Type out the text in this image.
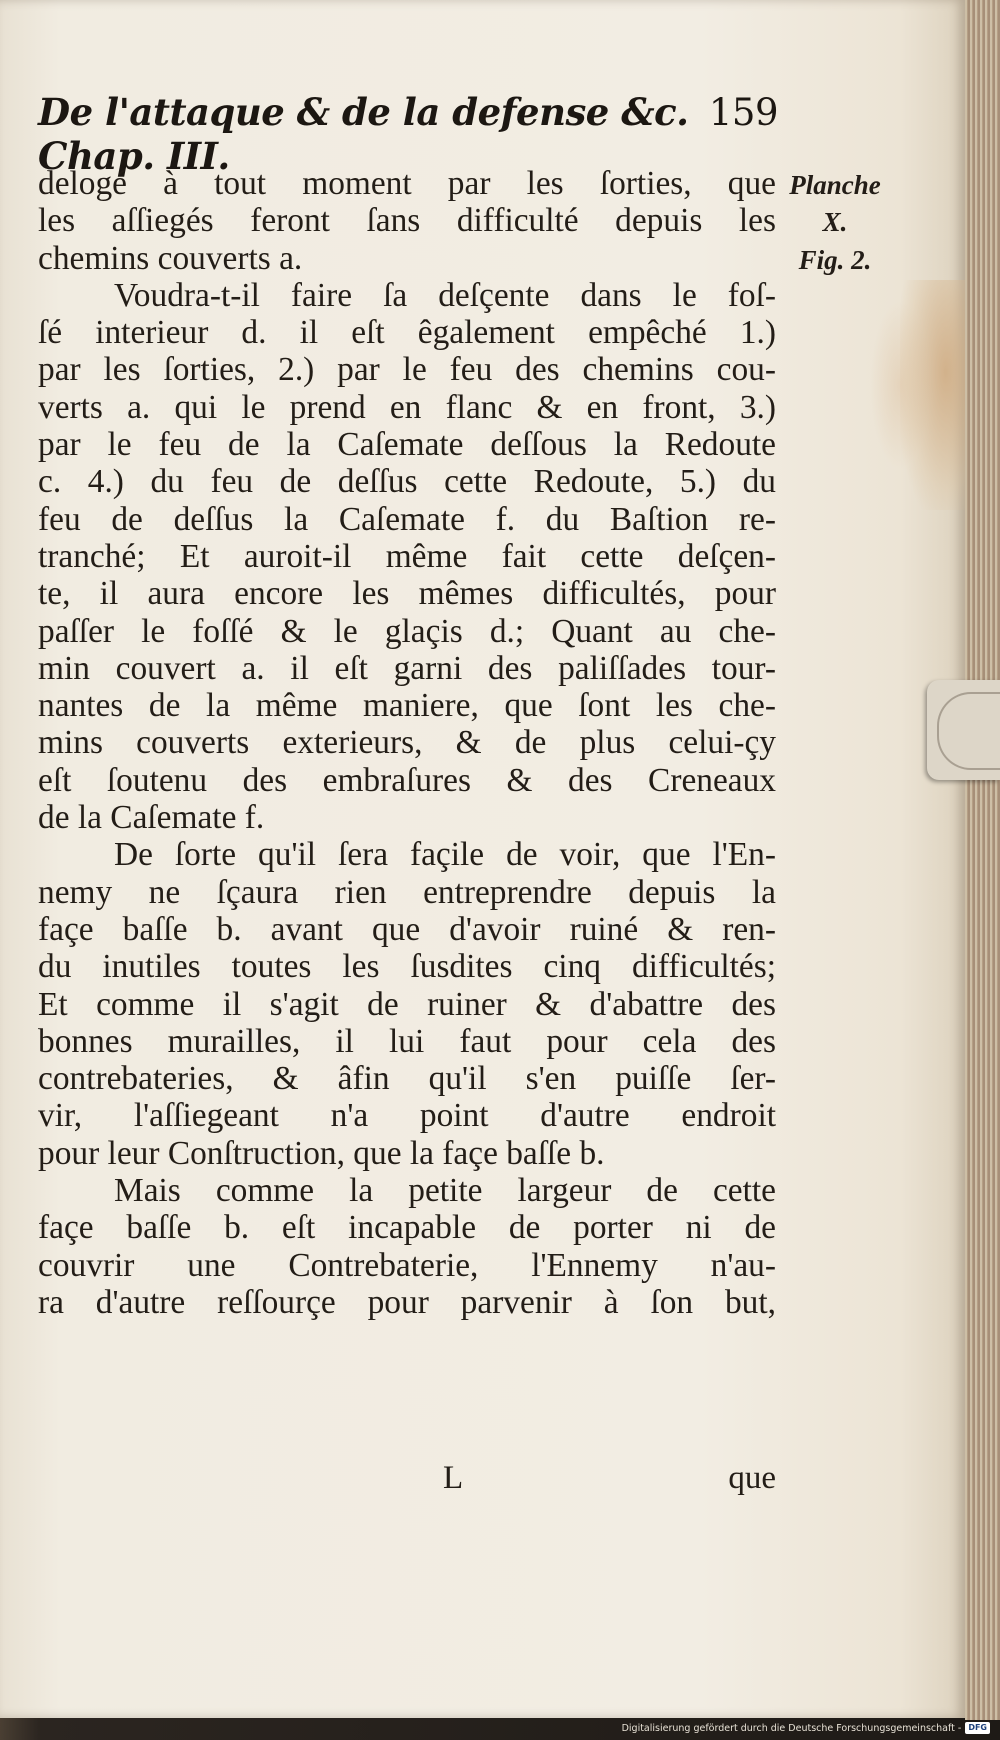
De l'attaque & de la defense &c. Chap. III.
159
Planche
X.
Fig. 2.
delogé à tout moment par les ſorties, que
les aſſiegés feront ſans difficulté depuis les
chemins couverts a.
Voudra-t-il faire ſa deſçente dans le foſ-
ſé interieur d. il eſt êgalement empêché 1.)
par les ſorties, 2.) par le feu des chemins cou-
verts a. qui le prend en flanc & en front, 3.)
par le feu de la Caſemate deſſous la Redoute
c. 4.) du feu de deſſus cette Redoute, 5.) du
feu de deſſus la Caſemate f. du Baſtion re-
tranché; Et auroit-il même fait cette deſçen-
te, il aura encore les mêmes difficultés, pour
paſſer le foſſé & le glaçis d.; Quant au che-
min couvert a. il eſt garni des paliſſades tour-
nantes de la même maniere, que ſont les che-
mins couverts exterieurs, & de plus celui-çy
eſt ſoutenu des embraſures & des Creneaux
de la Caſemate f.
De ſorte qu'il ſera façile de voir, que l'En-
nemy ne ſçaura rien entreprendre depuis la
façe baſſe b. avant que d'avoir ruiné & ren-
du inutiles toutes les ſusdites cinq difficultés;
Et comme il s'agit de ruiner & d'abattre des
bonnes murailles, il lui faut pour cela des
contrebateries, & âfin qu'il s'en puiſſe ſer-
vir, l'aſſiegeant n'a point d'autre endroit
pour leur Conſtruction, que la façe baſſe b.
Mais comme la petite largeur de cette
façe baſſe b. eſt incapable de porter ni de
couvrir une Contrebaterie, l'Ennemy n'au-
ra d'autre reſſourçe pour parvenir à ſon but,
L	que
Digitalisierung gefördert durch die Deutsche Forschungsgemeinschaft - DFG
